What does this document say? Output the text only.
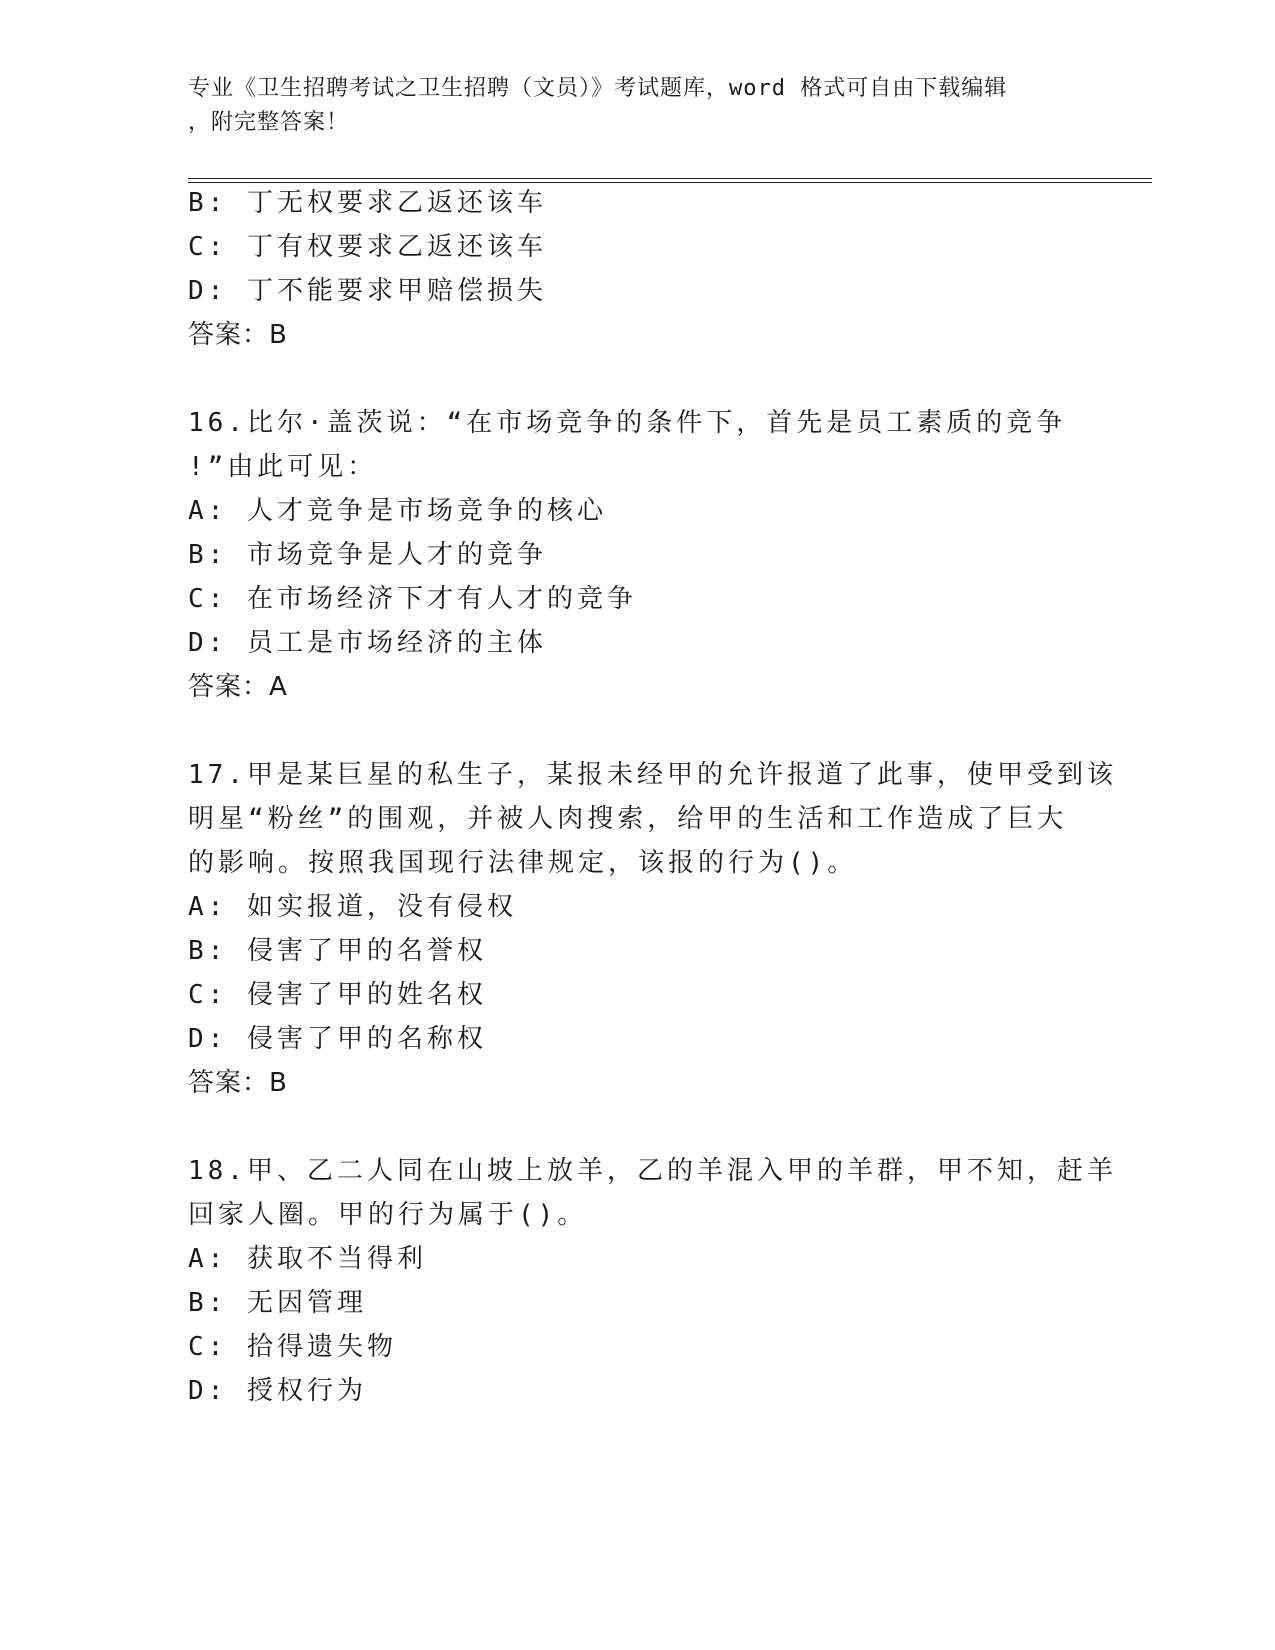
专业《卫生招聘考试之卫生招聘（文员）》考试题库，word 格式可自由下载编辑
，附完整答案！
B: 丁无权要求乙返还该车
C: 丁有权要求乙返还该车
D: 丁不能要求甲赔偿损失
答案：B
16.比尔·盖茨说：“在市场竞争的条件下，首先是员工素质的竞争
!”由此可见：
A: 人才竞争是市场竞争的核心
B: 市场竞争是人才的竞争
C: 在市场经济下才有人才的竞争
D: 员工是市场经济的主体
答案：A
17.甲是某巨星的私生子，某报未经甲的允许报道了此事，使甲受到该
明星“粉丝”的围观，并被人肉搜索，给甲的生活和工作造成了巨大
的影响。按照我国现行法律规定，该报的行为()。
A: 如实报道，没有侵权
B: 侵害了甲的名誉权
C: 侵害了甲的姓名权
D: 侵害了甲的名称权
答案：B
18.甲、乙二人同在山坡上放羊，乙的羊混入甲的羊群，甲不知，赶羊
回家人圈。甲的行为属于()。
A: 获取不当得利
B: 无因管理
C: 拾得遗失物
D: 授权行为
